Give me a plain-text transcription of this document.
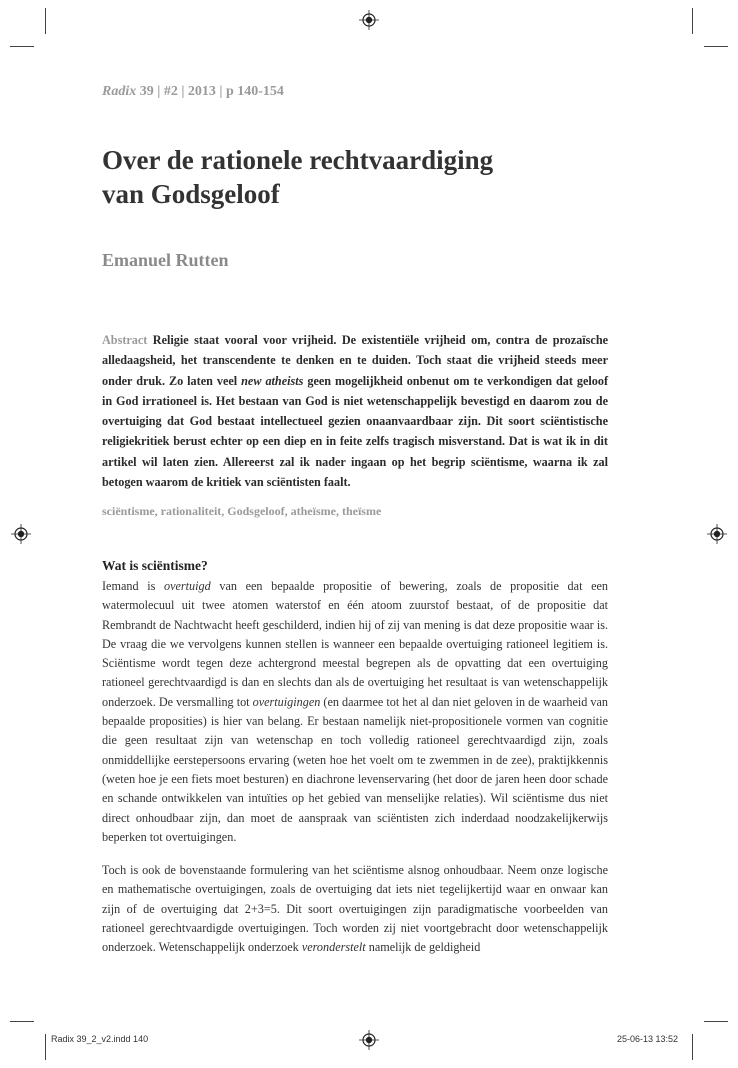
Radix 39 | #2 | 2013 | p 140-154
Over de rationele rechtvaardiging
van Godsgeloof
Emanuel Rutten
Abstract Religie staat vooral voor vrijheid. De existentiële vrijheid om, contra de prozaïsche alledaagsheid, het transcendente te denken en te duiden. Toch staat die vrijheid steeds meer onder druk. Zo laten veel new atheists geen mogelijkheid onbenut om te verkondigen dat geloof in God irrationeel is. Het bestaan van God is niet wetenschappelijk bevestigd en daarom zou de overtuiging dat God bestaat intellectueel gezien onaanvaardbaar zijn. Dit soort sciëntistische religiekritiek berust echter op een diep en in feite zelfs tragisch misverstand. Dat is wat ik in dit artikel wil laten zien. Allereerst zal ik nader ingaan op het begrip sciëntisme, waarna ik zal betogen waarom de kritiek van sciëntisten faalt.
sciëntisme, rationaliteit, Godsgeloof, atheïsme, theïsme
Wat is sciëntisme?

Iemand is overtuigd van een bepaalde propositie of bewering, zoals de propositie dat een watermolecuul uit twee atomen waterstof en één atoom zuurstof bestaat, of de propositie dat Rembrandt de Nachtwacht heeft geschilderd, indien hij of zij van mening is dat deze propositie waar is. De vraag die we vervolgens kunnen stellen is wanneer een bepaalde overtuiging rationeel legitiem is. Sciëntisme wordt tegen deze achtergrond meestal begrepen als de opvatting dat een overtuiging rationeel gerechtvaardigd is dan en slechts dan als de overtuiging het resultaat is van wetenschappelijk onderzoek. De versmalling tot overtuigingen (en daarmee tot het al dan niet geloven in de waarheid van bepaalde proposities) is hier van belang. Er bestaan namelijk niet-propositionele vormen van cognitie die geen resultaat zijn van wetenschap en toch volledig rationeel gerechtvaardigd zijn, zoals onmiddellijke eerstepersoons ervaring (weten hoe het voelt om te zwemmen in de zee), praktijkkennis (weten hoe je een fiets moet besturen) en diachrone levenservaring (het door de jaren heen door schade en schande ontwikkelen van intuïties op het gebied van menselijke relaties). Wil sciëntisme dus niet direct onhoudbaar zijn, dan moet de aanspraak van sciëntisten zich inderdaad noodzakelijkerwijs beperken tot overtuigingen.

Toch is ook de bovenstaande formulering van het sciëntisme alsnog onhoudbaar. Neem onze logische en mathematische overtuigingen, zoals de overtuiging dat iets niet tegelijkertijd waar en onwaar kan zijn of de overtuiging dat 2+3=5. Dit soort overtuigingen zijn paradigmatische voorbeelden van rationeel gerechtvaardigde overtuigingen. Toch worden zij niet voortgebracht door wetenschappelijk onderzoek. Wetenschappelijk onderzoek veronderstelt namelijk de geldigheid

Radix 39_2_v2.indd 140	25-06-13 13:52
